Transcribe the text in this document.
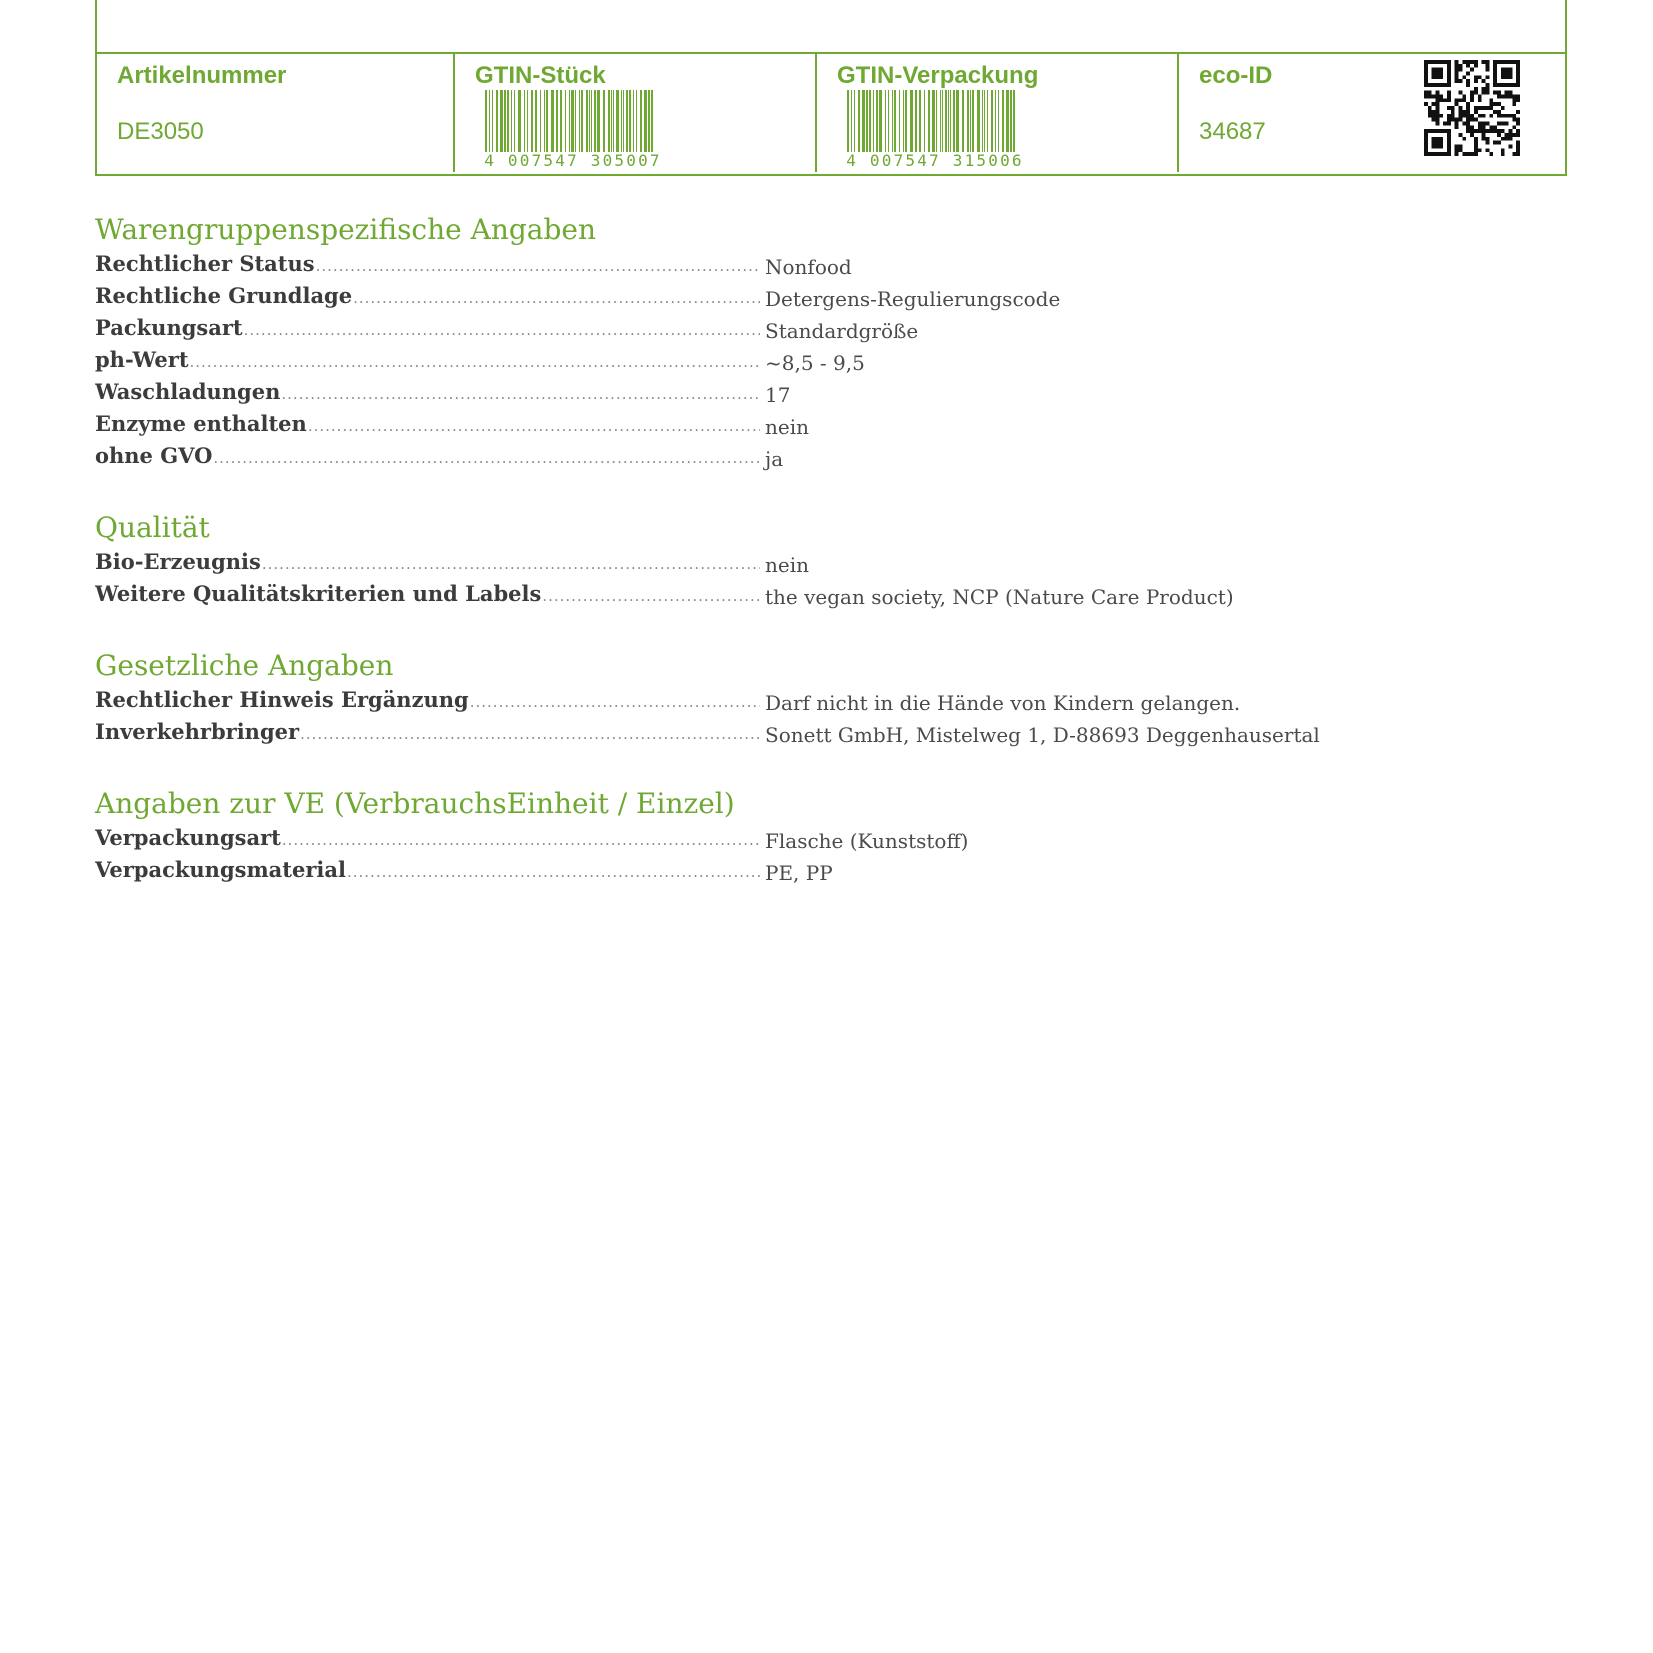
Artikelnummer
DE3050
GTIN-Stück
4 007547 305007
GTIN-Verpackung
4 007547 315006
eco-ID
34687
Warengruppenspezifische Angaben
Rechtlicher Status .....	Nonfood
Rechtliche Grundlage .....	Detergens-Regulierungscode
Packungsart .....	Standardgröße
ph-Wert .....	~8,5 - 9,5
Waschladungen .....	17
Enzyme enthalten .....	nein
ohne GVO .....	ja
Qualität
Bio-Erzeugnis .....	nein
Weitere Qualitätskriterien und Labels .....	the vegan society, NCP (Nature Care Product)
Gesetzliche Angaben
Rechtlicher Hinweis Ergänzung .....	Darf nicht in die Hände von Kindern gelangen.
Inverkehrbringer .....	Sonett GmbH, Mistelweg 1, D-88693 Deggenhausertal
Angaben zur VE (VerbrauchsEinheit / Einzel)
Verpackungsart .....	Flasche (Kunststoff)
Verpackungsmaterial .....	PE, PP
